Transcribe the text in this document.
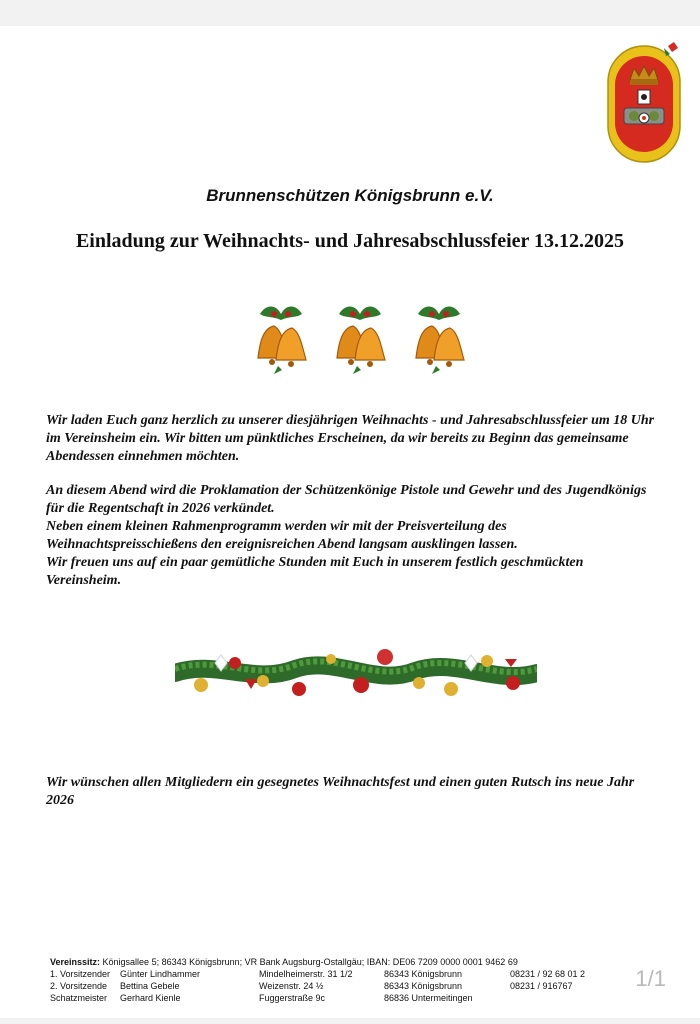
Brunnenschützen Königsbrunn e.V.
Einladung zur Weihnachts- und Jahresabschlussfeier 13.12.2025
Wir laden Euch ganz herzlich zu unserer diesjährigen Weihnachts - und Jahresabschlussfeier um 18 Uhr im Vereinsheim ein. Wir bitten um pünktliches Erscheinen, da wir bereits zu Beginn das gemeinsame Abendessen einnehmen möchten.
An diesem Abend wird die Proklamation der Schützenkönige Pistole und Gewehr und des Jugendkönigs für die Regentschaft in 2026 verkündet.
Neben einem kleinen Rahmenprogramm werden wir mit der Preisverteilung des Weihnachtspreisschießens den ereignisreichen Abend langsam ausklingen lassen.
Wir freuen uns auf ein paar gemütliche Stunden mit Euch in unserem festlich geschmückten Vereinsheim.
Wir wünschen allen Mitgliedern ein gesegnetes Weihnachtsfest und einen guten Rutsch ins neue Jahr 2026
Vereinssitz: Königsallee 5; 86343 Königsbrunn; VR Bank Augsburg-Ostallgäu; IBAN: DE06 7209 0000 0001 9462 69
1. Vorsitzender	Günter Lindhammer	Mindelheimerstr. 31 1/2	86343 Königsbrunn	08231 / 92 68 01 2
2. Vorsitzende	Bettina Gebele	Weizenstr. 24 ½	86343 Königsbrunn	08231 / 916767
Schatzmeister	Gerhard Kienle	Fuggerstraße 9c	86836 Untermeitingen
1/1
